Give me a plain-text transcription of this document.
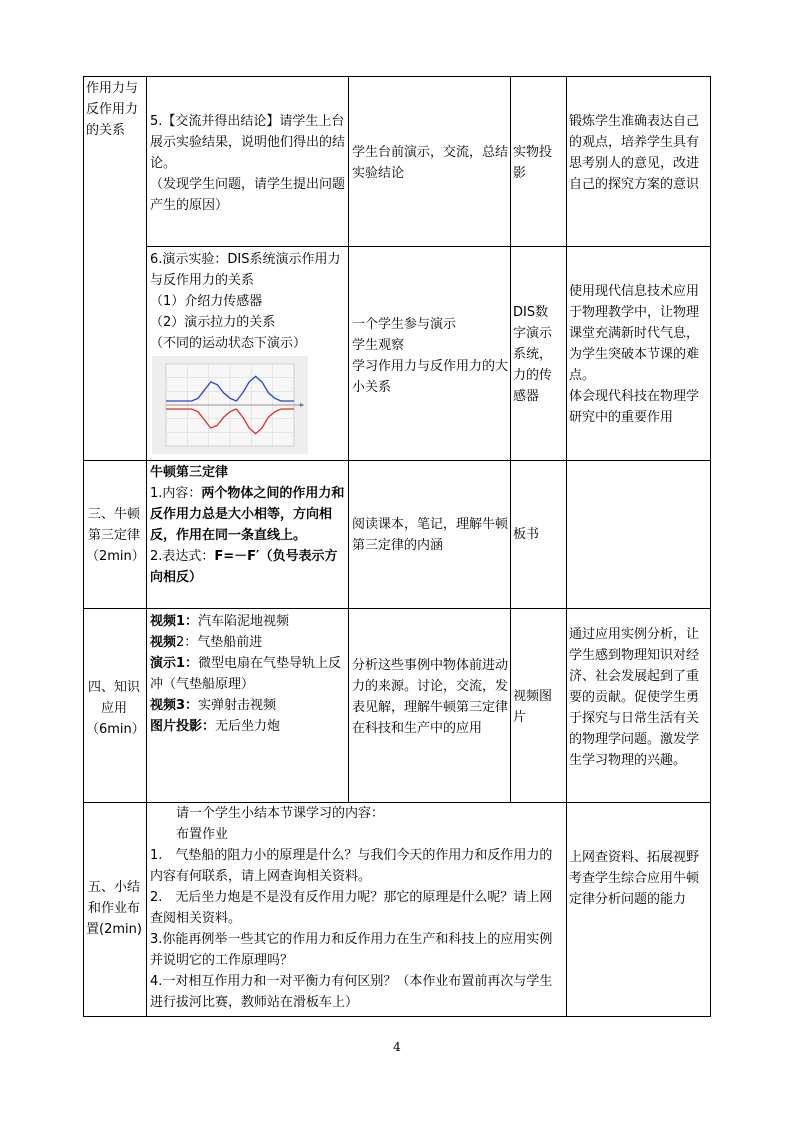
作用力与反作用力的关系
5.【交流并得出结论】请学生上台展示实验结果，说明他们得出的结论。
（发现学生问题，请学生提出问题产生的原因）
学生台前演示，交流，总结实验结论
实物投影
锻炼学生准确表达自己的观点，培养学生具有思考别人的意见，改进自己的探究方案的意识
6.演示实验：DIS系统演示作用力与反作用力的关系
（1）介绍力传感器
（2）演示拉力的关系
（不同的运动状态下演示）
一个学生参与演示
学生观察
学习作用力与反作用力的大小关系
DIS数字演示系统，力的传感器
使用现代信息技术应用于物理教学中，让物理课堂充满新时代气息，为学生突破本节课的难点。
体会现代科技在物理学研究中的重要作用
三、牛顿第三定律（2min）
牛顿第三定律
1.内容：两个物体之间的作用力和反作用力总是大小相等，方向相反，作用在同一条直线上。
2.表达式：F=－F′（负号表示方向相反）
阅读课本，笔记，理解牛顿第三定律的内涵
板书
四、知识应用（6min）
视频1：汽车陷泥地视频
视频2：气垫船前进
演示1：微型电扇在气垫导轨上反冲（气垫船原理）
视频3：实弹射击视频
图片投影：无后坐力炮
分析这些事例中物体前进动力的来源。讨论，交流，发表见解，理解牛顿第三定律在科技和生产中的应用
视频图片
通过应用实例分析，让学生感到物理知识对经济、社会发展起到了重要的贡献。促使学生勇于探究与日常生活有关的物理学问题。激发学生学习物理的兴趣。
五、小结和作业布置(2min)
请一个学生小结本节课学习的内容：
布置作业
1.　气垫船的阻力小的原理是什么？与我们今天的作用力和反作用力的内容有何联系，请上网查询相关资料。
2.　无后坐力炮是不是没有反作用力呢？那它的原理是什么呢？请上网查阅相关资料。
3.你能再例举一些其它的作用力和反作用力在生产和科技上的应用实例并说明它的工作原理吗？
4.一对相互作用力和一对平衡力有何区别？（本作业布置前再次与学生进行拔河比赛，教师站在滑板车上）
上网查资料、拓展视野
考查学生综合应用牛顿定律分析问题的能力
4
